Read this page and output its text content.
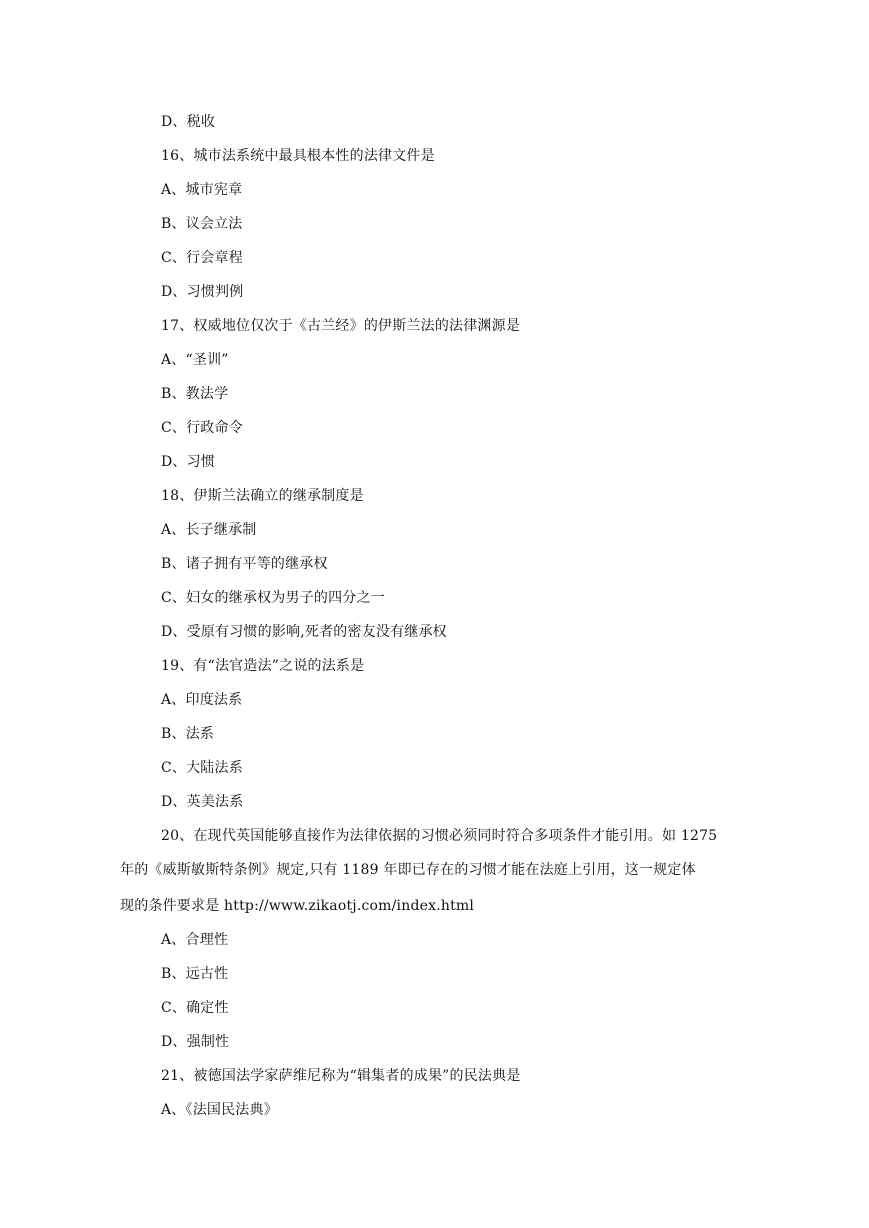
D、税收
16、城市法系统中最具根本性的法律文件是
A、城市宪章
B、议会立法
C、行会章程
D、习惯判例
17、权威地位仅次于《古兰经》的伊斯兰法的法律渊源是
A、“圣训”
B、教法学
C、行政命令
D、习惯
18、伊斯兰法确立的继承制度是
A、长子继承制
B、诸子拥有平等的继承权
C、妇女的继承权为男子的四分之一
D、受原有习惯的影响,死者的密友没有继承权
19、有“法官造法”之说的法系是
A、印度法系
B、法系
C、大陆法系
D、英美法系
20、在现代英国能够直接作为法律依据的习惯必须同时符合多项条件才能引用。如 1275
年的《威斯敏斯特条例》规定,只有 1189 年即已存在的习惯才能在法庭上引用，这一规定体
现的条件要求是 http://www.zikaotj.com/index.html
A、合理性
B、远古性
C、确定性
D、强制性
21、被德国法学家萨维尼称为“辑集者的成果”的民法典是
A、《法国民法典》
